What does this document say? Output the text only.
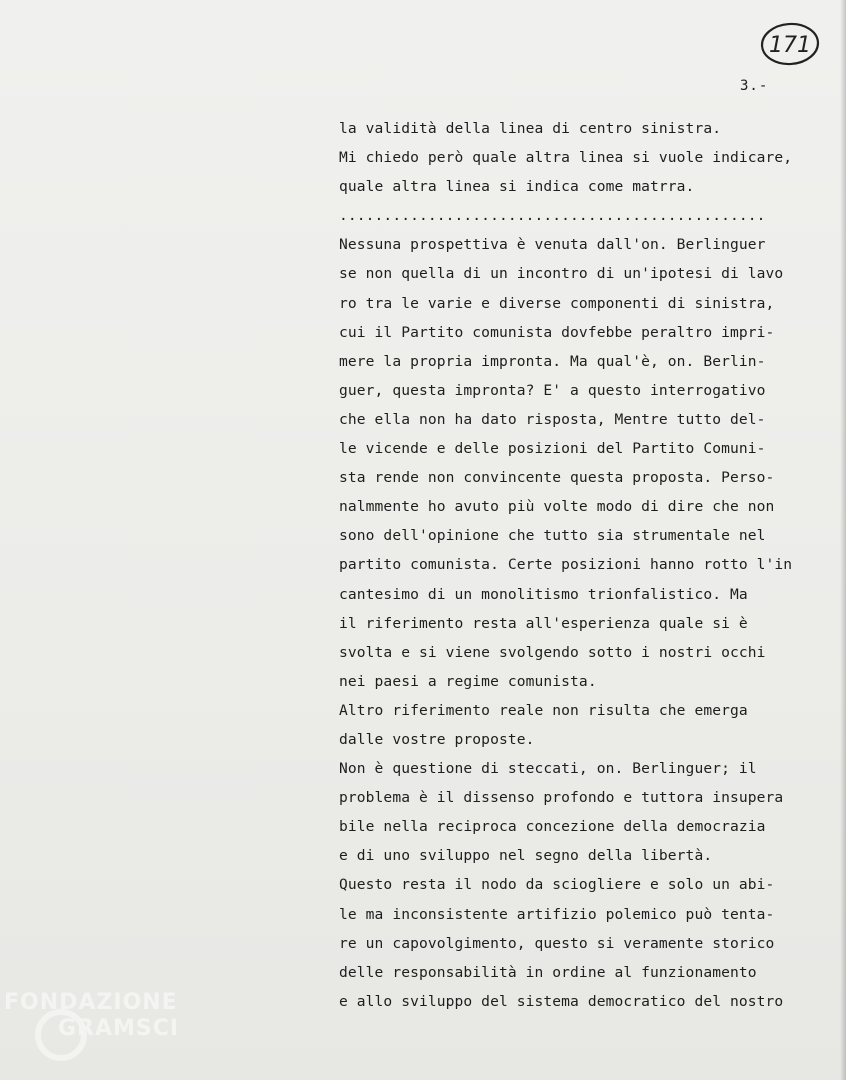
171
3.-
la validità della linea di centro sinistra.
Mi chiedo però quale altra linea si vuole indicare,
quale altra linea si indica come matrra.
................................................
Nessuna prospettiva è venuta dall'on. Berlinguer
se non quella di un incontro di un'ipotesi di lavo
ro tra le varie e diverse componenti di sinistra,
cui il Partito comunista dovfebbe peraltro impri-
mere la propria impronta. Ma qual'è, on. Berlin-
guer, questa impronta? E' a questo interrogativo
che ella non ha dato risposta, Mentre tutto del-
le vicende e delle posizioni del Partito Comuni-
sta rende non convincente questa proposta. Perso-
nalmmente ho avuto più volte modo di dire che non
sono dell'opinione che tutto sia strumentale nel
partito comunista. Certe posizioni hanno rotto l'in
cantesimo di un monolitismo trionfalistico. Ma
il riferimento resta all'esperienza quale si è
svolta e si viene svolgendo sotto i nostri occhi
nei paesi a regime comunista.
Altro riferimento reale non risulta che emerga
dalle vostre proposte.
Non è questione di steccati, on. Berlinguer; il
problema è il dissenso profondo e tuttora insupera
bile nella reciproca concezione della democrazia
e di uno sviluppo nel segno della libertà.
Questo resta il nodo da sciogliere e solo un abi-
le ma inconsistente artifizio polemico può tenta-
re un capovolgimento, questo si veramente storico
delle responsabilità in ordine al funzionamento
e allo sviluppo del sistema democratico del nostro
FONDAZIONE
GRAMSCI
